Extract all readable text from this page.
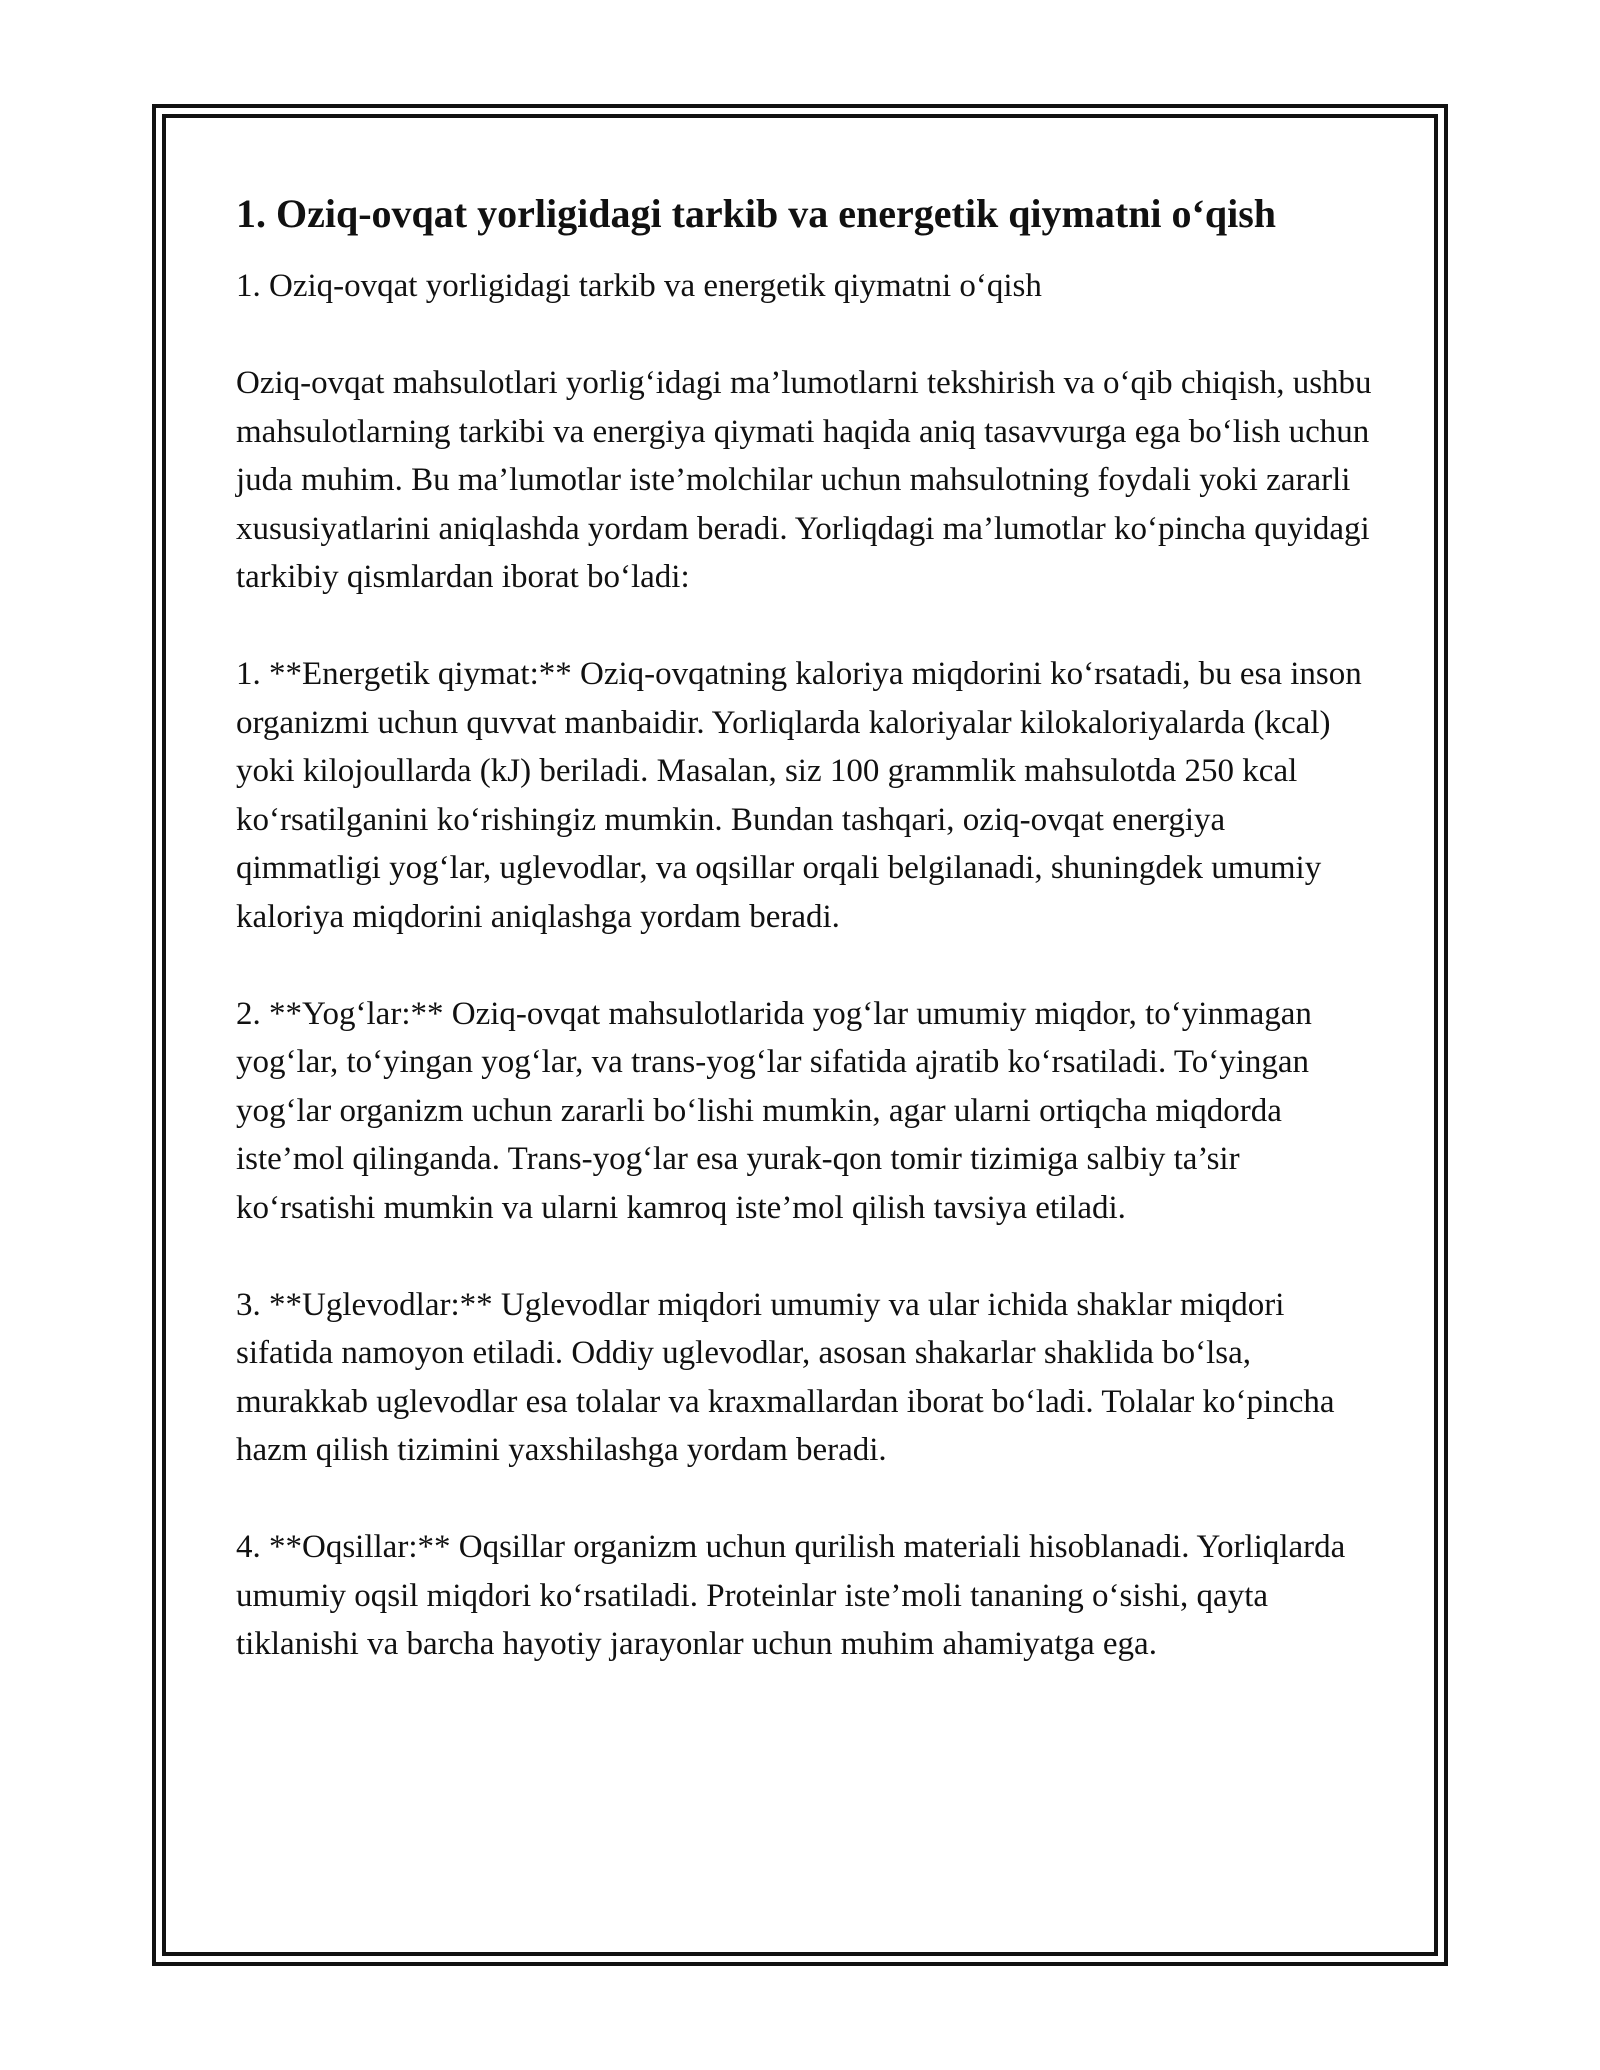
1. Oziq-ovqat yorligidagi tarkib va energetik qiymatni o‘qish

1. Oziq-ovqat yorligidagi tarkib va energetik qiymatni o‘qish

Oziq-ovqat mahsulotlari yorlig‘idagi ma’lumotlarni tekshirish va o‘qib chiqish, ushbu mahsulotlarning tarkibi va energiya qiymati haqida aniq tasavvurga ega bo‘lish uchun juda muhim. Bu ma’lumotlar iste’molchilar uchun mahsulotning foydali yoki zararli xususiyatlarini aniqlashda yordam beradi. Yorliqdagi ma’lumotlar ko‘pincha quyidagi tarkibiy qismlardan iborat bo‘ladi:

1. **Energetik qiymat:** Oziq-ovqatning kaloriya miqdorini ko‘rsatadi, bu esa inson organizmi uchun quvvat manbaidir. Yorliqlarda kaloriyalar kilokaloriyalarda (kcal) yoki kilojoullarda (kJ) beriladi. Masalan, siz 100 grammlik mahsulotda 250 kcal ko‘rsatilganini ko‘rishingiz mumkin. Bundan tashqari, oziq-ovqat energiya qimmatligi yog‘lar, uglevodlar, va oqsillar orqali belgilanadi, shuningdek umumiy kaloriya miqdorini aniqlashga yordam beradi.

2. **Yog‘lar:** Oziq-ovqat mahsulotlarida yog‘lar umumiy miqdor, to‘yinmagan yog‘lar, to‘yingan yog‘lar, va trans-yog‘lar sifatida ajratib ko‘rsatiladi. To‘yingan yog‘lar organizm uchun zararli bo‘lishi mumkin, agar ularni ortiqcha miqdorda iste’mol qilinganda. Trans-yog‘lar esa yurak-qon tomir tizimiga salbiy ta’sir ko‘rsatishi mumkin va ularni kamroq iste’mol qilish tavsiya etiladi.

3. **Uglevodlar:** Uglevodlar miqdori umumiy va ular ichida shaklar miqdori sifatida namoyon etiladi. Oddiy uglevodlar, asosan shakarlar shaklida bo‘lsa, murakkab uglevodlar esa tolalar va kraxmallardan iborat bo‘ladi. Tolalar ko‘pincha hazm qilish tizimini yaxshilashga yordam beradi.

4. **Oqsillar:** Oqsillar organizm uchun qurilish materiali hisoblanadi. Yorliqlarda umumiy oqsil miqdori ko‘rsatiladi. Proteinlar iste’moli tananing o‘sishi, qayta tiklanishi va barcha hayotiy jarayonlar uchun muhim ahamiyatga ega.
